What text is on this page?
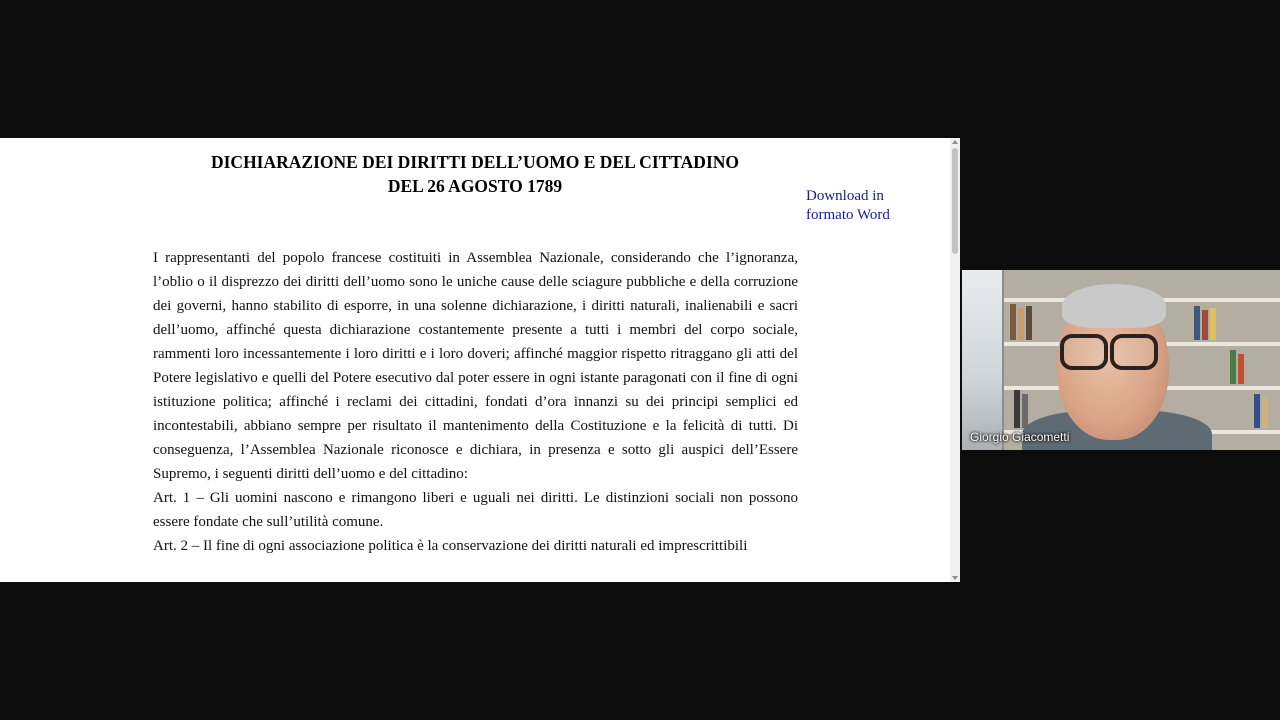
DICHIARAZIONE DEI DIRITTI DELL’UOMO E DEL CITTADINO
DEL 26 AGOSTO 1789	Download in
formato Word

I rappresentanti del popolo francese costituiti in Assemblea Nazionale, considerando che l’ignoranza, l’oblio o il disprezzo dei diritti dell’uomo sono le uniche cause delle sciagure pubbliche e della corruzione dei governi, hanno stabilito di esporre, in una solenne dichiarazione, i diritti naturali, inalienabili e sacri dell’uomo, affinché questa dichiarazione costantemente presente a tutti i membri del corpo sociale, rammenti loro incessantemente i loro diritti e i loro doveri; affinché maggior rispetto ritraggano gli atti del Potere legislativo e quelli del Potere esecutivo dal poter essere in ogni istante paragonati con il fine di ogni istituzione politica; affinché i reclami dei cittadini, fondati d’ora innanzi su dei principi semplici ed incontestabili, abbiano sempre per risultato il mantenimento della Costituzione e la felicità di tutti. Di conseguenza, l’Assemblea Nazionale riconosce e dichiara, in presenza e sotto gli auspici dell’Essere Supremo, i seguenti diritti dell’uomo e del cittadino:

Art. 1 – Gli uomini nascono e rimangono liberi e uguali nei diritti. Le distinzioni sociali non possono essere fondate che sull’utilità comune.

Art. 2 – Il fine di ogni associazione politica è la conservazione dei diritti naturali ed imprescrittibili

Giorgio Giacometti
